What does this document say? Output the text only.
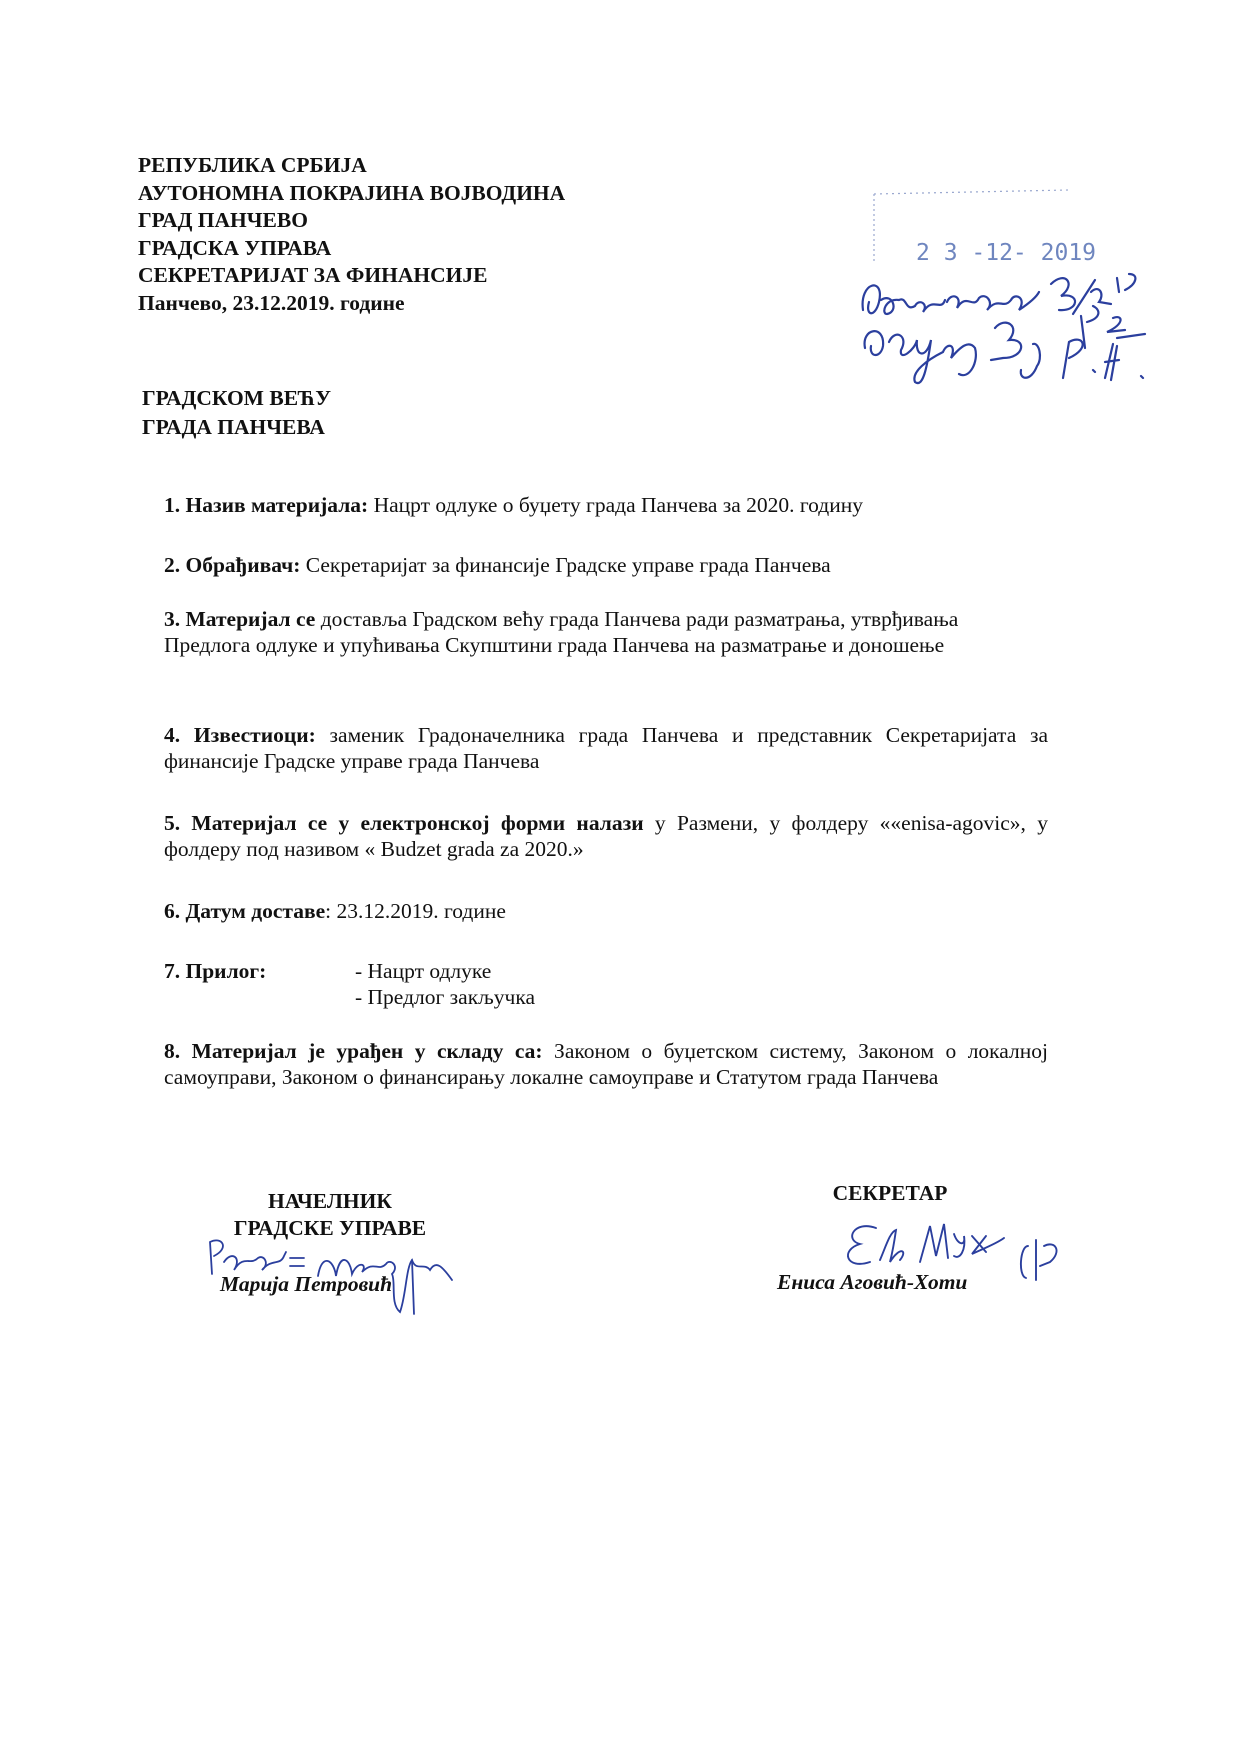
РЕПУБЛИКА СРБИЈА
АУТОНОМНА ПОКРАЈИНА ВОЈВОДИНА
ГРАД ПАНЧЕВО
ГРАДСКА УПРАВА
СЕКРЕТАРИЈАТ ЗА ФИНАНСИЈЕ
Панчево, 23.12.2019. године
2 3 -12- 2019
ГРАДСКОМ ВЕЋУ
ГРАДА ПАНЧЕВА
1. Назив материјала: Нацрт одлуке о буџету града Панчева за 2020. годину
2. Обрађивач: Секретаријат за финансије Градске управе града Панчева
3. Материјал се доставља Градском већу града Панчева ради разматрања, утврђивања Предлога одлуке и упућивања Скупштини града Панчева на разматрање и доношење
4. Известиоци: заменик Градоначелника града Панчева и представник Секретаријата за финансије Градске управе града Панчева
5. Материјал се у електронској форми налази у Размени, у фолдеру ««enisa-agovic», у фолдеру под називом « Budzet grada za 2020.»
6. Датум доставе: 23.12.2019. године
7. Прилог:	- Нацрт одлуке
- Предлог закључка
8. Материјал је урађен у складу са: Законом о буџетском систему, Законом о локалној самоуправи, Законом о финансирању локалне самоуправе и Статутом града Панчева
НАЧЕЛНИК
ГРАДСКЕ УПРАВЕ
Марија Петровић
СЕКРЕТАР
Ениса Аговић-Хоти
